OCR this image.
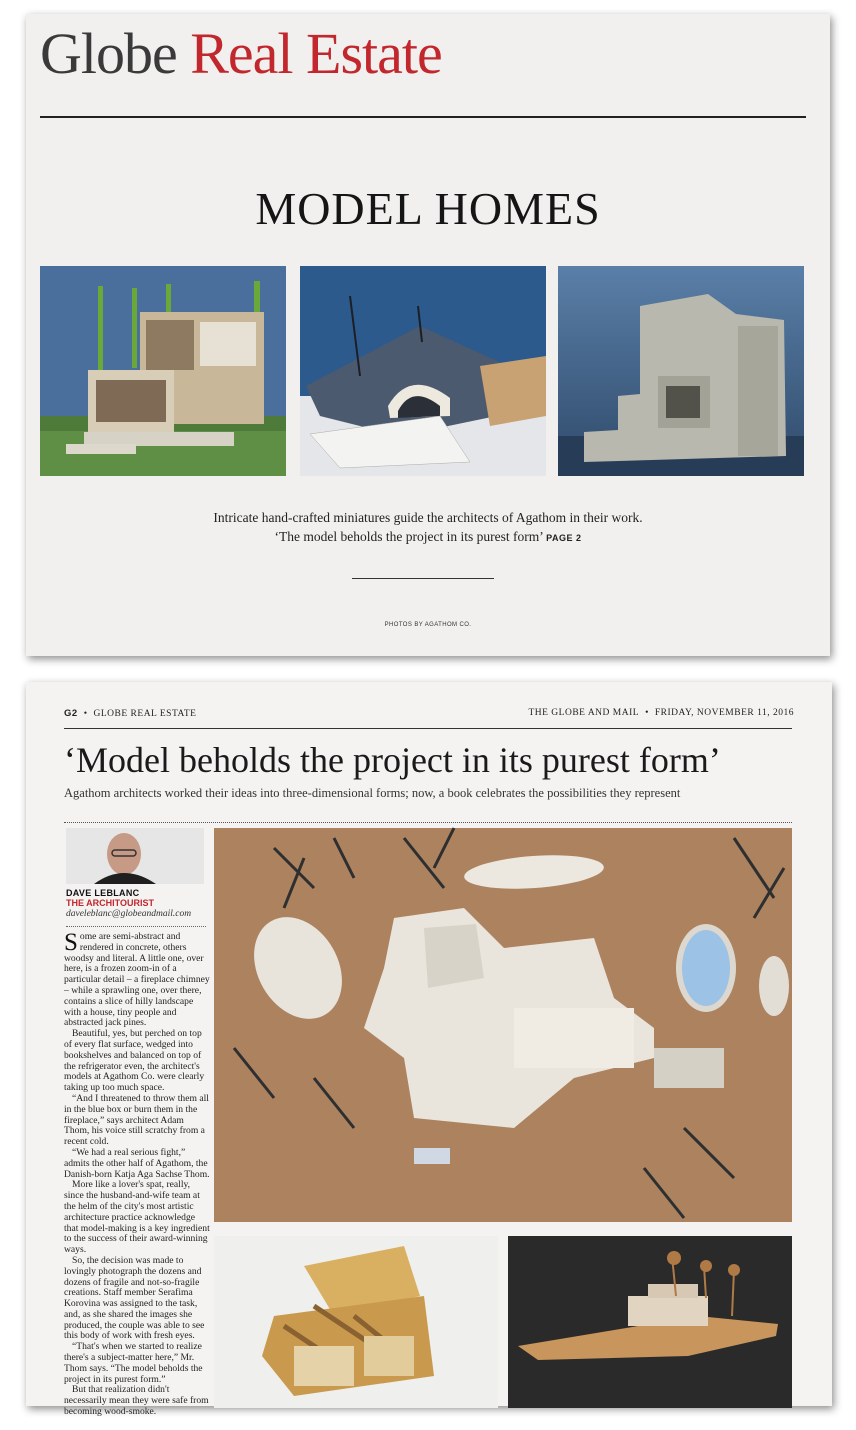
Globe Real Estate
MODEL HOMES
Intricate hand-crafted miniatures guide the architects of Agathom in their work.
‘The model beholds the project in its purest form’ PAGE 2
PHOTOS BY AGATHOM CO.
G2 • GLOBE REAL ESTATE	THE GLOBE AND MAIL • FRIDAY, NOVEMBER 11, 2016
‘Model beholds the project in its purest form’
Agathom architects worked their ideas into three-dimensional forms; now, a book celebrates the possibilities they represent
DAVE LEBLANC
THE ARCHITOURIST
daveleblanc@globeandmail.com

Some are semi-abstract and rendered in concrete, others woodsy and literal. A little one, over here, is a frozen zoom-in of a particular detail – a fireplace chimney – while a sprawling one, over there, contains a slice of hilly landscape with a house, tiny people and abstracted jack pines.

Beautiful, yes, but perched on top of every flat surface, wedged into bookshelves and balanced on top of the refrigerator even, the architect's models at Agathom Co. were clearly taking up too much space.

“And I threatened to throw them all in the blue box or burn them in the fireplace,” says architect Adam Thom, his voice still scratchy from a recent cold.

“We had a real serious fight,” admits the other half of Agathom, the Danish-born Katja Aga Sachse Thom.

More like a lover's spat, really, since the husband-and-wife team at the helm of the city's most artistic architecture practice acknowledge that model-making is a key ingredient to the success of their award-winning ways.

So, the decision was made to lovingly photograph the dozens and dozens of fragile and not-so-fragile creations. Staff member Serafima Korovina was assigned to the task, and, as she shared the images she produced, the couple was able to see this body of work with fresh eyes.

“That's when we started to realize there's a subject-matter here,” Mr. Thom says. “The model beholds the project in its purest form.”

But that realization didn't necessarily mean they were safe from becoming wood-smoke.
